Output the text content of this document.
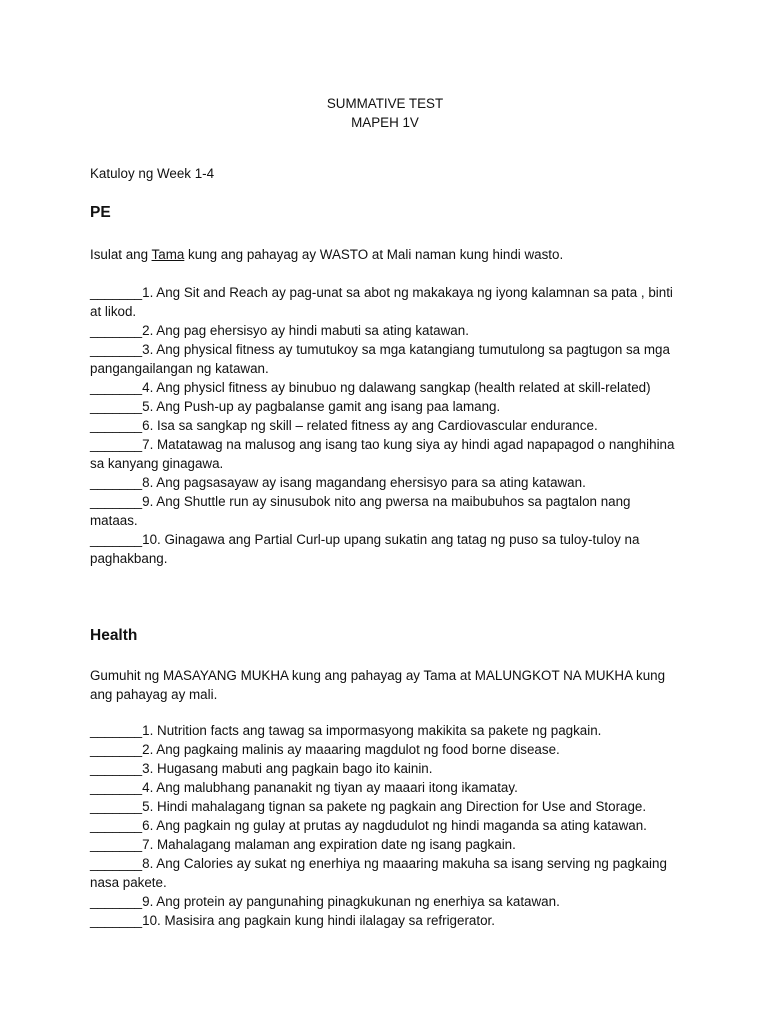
SUMMATIVE TEST
MAPEH 1V
Katuloy ng Week 1-4
PE
Isulat ang Tama kung ang pahayag ay WASTO at Mali naman kung hindi wasto.
_______1. Ang Sit and Reach ay pag-unat sa abot ng makakaya ng iyong kalamnan sa pata , binti at likod.
_______2. Ang pag ehersisyo ay hindi mabuti sa ating katawan.
_______3. Ang physical fitness ay tumutukoy sa mga katangiang tumutulong sa pagtugon sa mga pangangailangan ng katawan.
_______4. Ang physicl fitness ay binubuo ng dalawang sangkap (health related at skill-related)
_______5. Ang Push-up ay pagbalanse gamit ang isang paa lamang.
_______6. Isa sa sangkap ng skill – related fitness ay ang Cardiovascular endurance.
_______7. Matatawag na malusog ang isang tao kung siya ay hindi agad napapagod o nanghihina sa kanyang ginagawa.
_______8. Ang pagsasayaw ay isang magandang ehersisyo para sa ating katawan.
_______9. Ang Shuttle run ay sinusubok nito ang pwersa na maibubuhos sa pagtalon nang mataas.
_______10. Ginagawa ang Partial Curl-up upang sukatin ang tatag ng puso sa tuloy-tuloy na paghakbang.
Health
Gumuhit ng MASAYANG MUKHA kung ang pahayag ay Tama at MALUNGKOT NA MUKHA kung ang pahayag ay mali.
_______1. Nutrition facts ang tawag sa impormasyong makikita sa pakete ng pagkain.
_______2. Ang pagkaing malinis ay maaaring magdulot ng food borne disease.
_______3. Hugasang mabuti ang pagkain bago ito kainin.
_______4. Ang malubhang pananakit ng tiyan ay maaari itong ikamatay.
_______5. Hindi mahalagang tignan sa pakete ng pagkain ang Direction for Use and Storage.
_______6. Ang pagkain ng gulay at prutas ay nagdudulot ng hindi maganda sa ating katawan.
_______7. Mahalagang malaman ang expiration date ng isang pagkain.
_______8. Ang Calories ay sukat ng enerhiya ng maaaring makuha sa isang serving ng pagkaing nasa pakete.
_______9. Ang protein ay pangunahing pinagkukunan ng enerhiya sa katawan.
_______10. Masisira ang pagkain kung hindi ilalagay sa refrigerator.
